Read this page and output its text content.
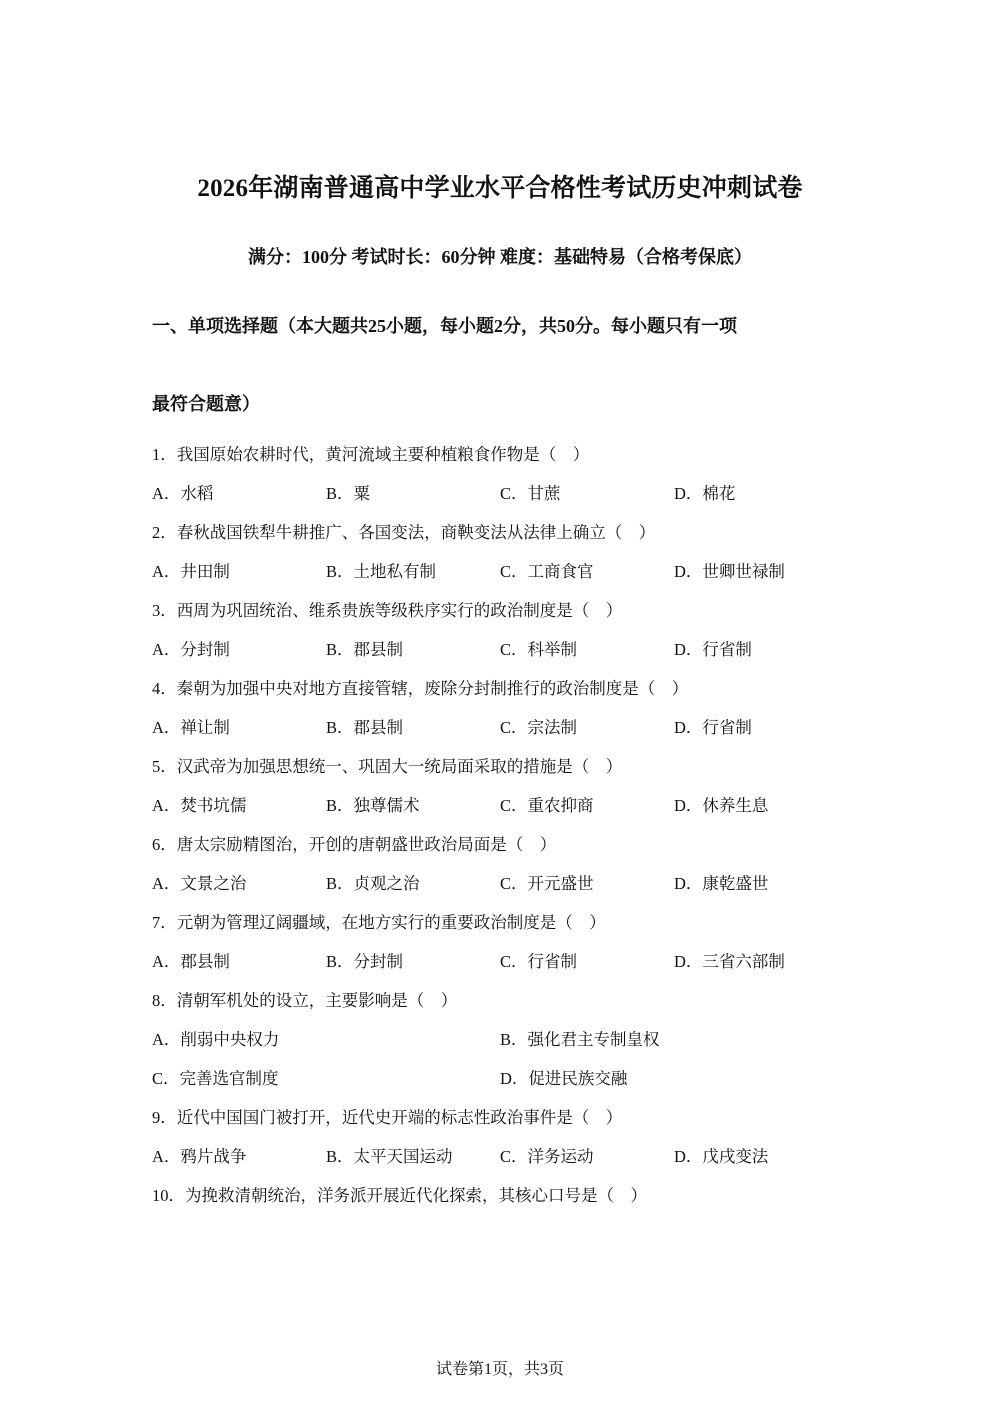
2026年湖南普通高中学业水平合格性考试历史冲刺试卷
满分：100分 考试时长：60分钟 难度：基础特易（合格考保底）
一、单项选择题（本大题共25小题，每小题2分，共50分。每小题只有一项
最符合题意）
1．我国原始农耕时代，黄河流域主要种植粮食作物是（　）
A．水稻	B．粟	C．甘蔗	D．棉花
2．春秋战国铁犁牛耕推广、各国变法，商鞅变法从法律上确立（　）
A．井田制	B．土地私有制	C．工商食官	D．世卿世禄制
3．西周为巩固统治、维系贵族等级秩序实行的政治制度是（　）
A．分封制	B．郡县制	C．科举制	D．行省制
4．秦朝为加强中央对地方直接管辖，废除分封制推行的政治制度是（　）
A．禅让制	B．郡县制	C．宗法制	D．行省制
5．汉武帝为加强思想统一、巩固大一统局面采取的措施是（　）
A．焚书坑儒	B．独尊儒术	C．重农抑商	D．休养生息
6．唐太宗励精图治，开创的唐朝盛世政治局面是（　）
A．文景之治	B．贞观之治	C．开元盛世	D．康乾盛世
7．元朝为管理辽阔疆域，在地方实行的重要政治制度是（　）
A．郡县制	B．分封制	C．行省制	D．三省六部制
8．清朝军机处的设立，主要影响是（　）
A．削弱中央权力	B．强化君主专制皇权
C．完善选官制度	D．促进民族交融
9．近代中国国门被打开，近代史开端的标志性政治事件是（　）
A．鸦片战争	B．太平天国运动	C．洋务运动	D．戊戌变法
10．为挽救清朝统治，洋务派开展近代化探索，其核心口号是（　）
试卷第1页，共3页
